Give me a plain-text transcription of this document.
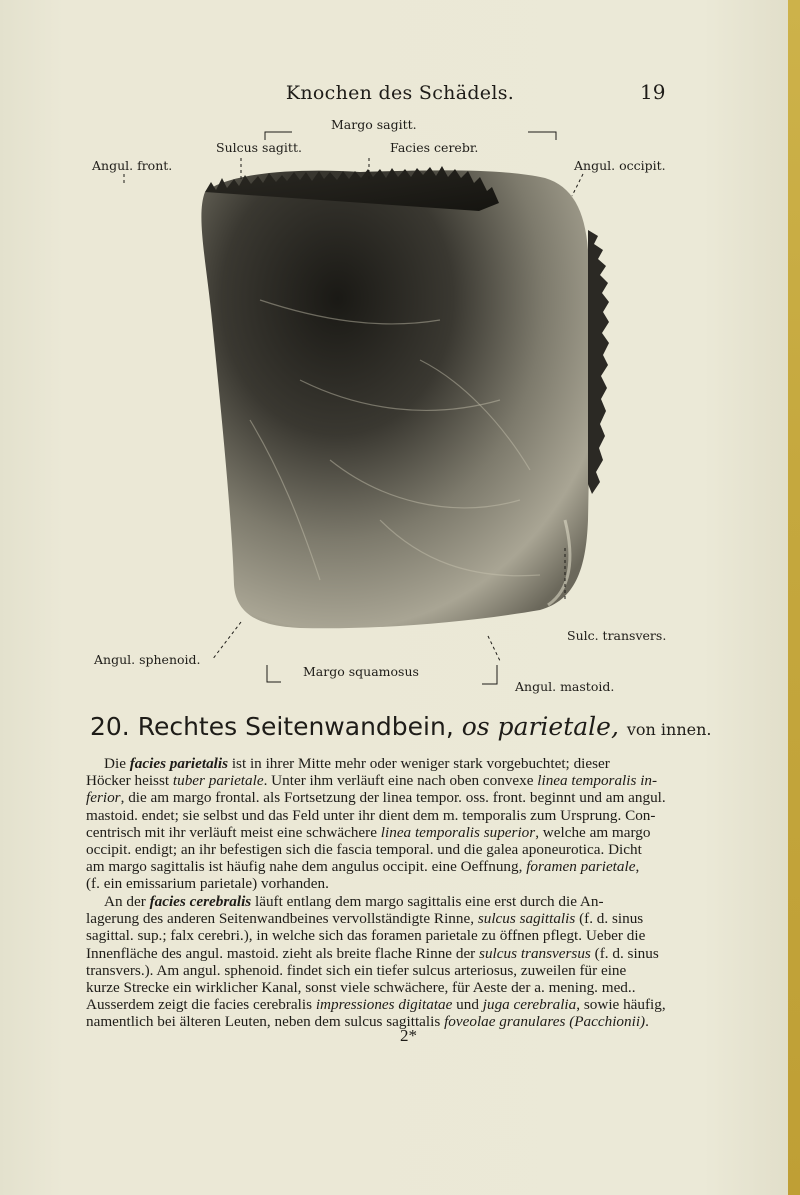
Knochen des Schädels.	19
Margo sagitt.
Sulcus sagitt.	Facies cerebr.
Angul. front.	Angul. occipit.
Sulc. transvers.
Angul. sphenoid.
Margo squamosus
Angul. mastoid.
20. Rechtes Seitenwandbein, os parietale, von innen.
Die facies parietalis ist in ihrer Mitte mehr oder weniger stark vorgebuchtet; dieser
Höcker heisst tuber parietale. Unter ihm verläuft eine nach oben convexe linea temporalis in-
ferior, die am margo frontal. als Fortsetzung der linea tempor. oss. front. beginnt und am angul.
mastoid. endet; sie selbst und das Feld unter ihr dient dem m. temporalis zum Ursprung. Con-
centrisch mit ihr verläuft meist eine schwächere linea temporalis superior, welche am margo
occipit. endigt; an ihr befestigen sich die fascia temporal. und die galea aponeurotica. Dicht
am margo sagittalis ist häufig nahe dem angulus occipit. eine Oeffnung, foramen parietale,
(f. ein emissarium parietale) vorhanden.
An der facies cerebralis läuft entlang dem margo sagittalis eine erst durch die An-
lagerung des anderen Seitenwandbeines vervollständigte Rinne, sulcus sagittalis (f. d. sinus
sagittal. sup.; falx cerebri.), in welche sich das foramen parietale zu öffnen pflegt. Ueber die
Innenfläche des angul. mastoid. zieht als breite flache Rinne der sulcus transversus (f. d. sinus
transvers.). Am angul. sphenoid. findet sich ein tiefer sulcus arteriosus, zuweilen für eine
kurze Strecke ein wirklicher Kanal, sonst viele schwächere, für Aeste der a. mening. med..
Ausserdem zeigt die facies cerebralis impressiones digitatae und juga cerebralia, sowie häufig,
namentlich bei älteren Leuten, neben dem sulcus sagittalis foveolae granulares (Pacchionii).
2*
